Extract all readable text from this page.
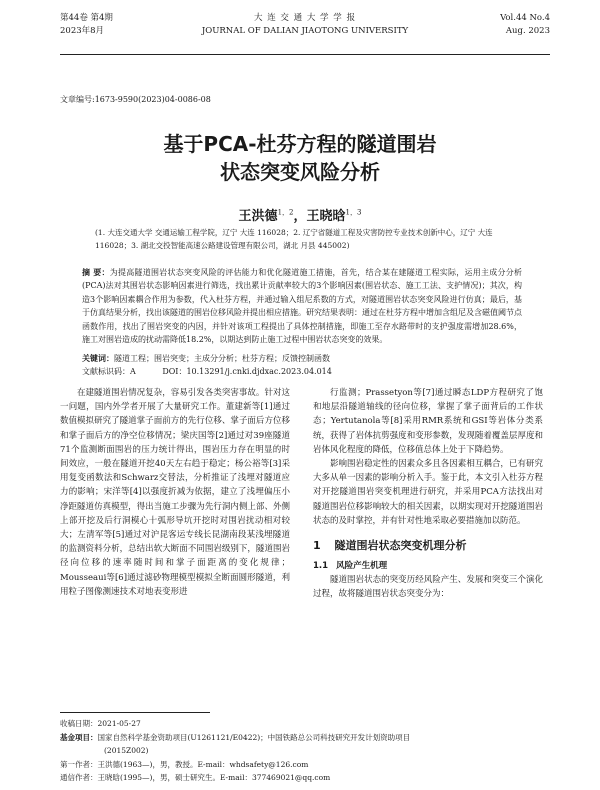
第44卷 第4期
2023年8月
大 连 交 通 大 学 学 报
JOURNAL OF DALIAN JIAOTONG UNIVERSITY
Vol.44 No.4
Aug. 2023
文章编号:1673-9590(2023)04-0086-08
基于PCA-杜芬方程的隧道围岩
状态突变风险分析
王洪德$^{1,2}$，王晓晗$^{1,3}$
(1. 大连交通大学 交通运输工程学院，辽宁 大连 116028；2. 辽宁省隧道工程及灾害防控专业技术创新中心，辽宁 大连 116028；3. 湖北交投智能高速公路建设管理有限公司，湖北 月县 445002)
摘 要：为提高隧道围岩状态突变风险的评估能力和优化隧道施工措施，首先，结合某在建隧道工程实际，运用主成分分析(PCA)法对其围岩状态影响因素进行筛选，找出累计贡献率较大的3个影响因素(围岩状态、施工工法、支护情况)；其次，构造3个影响因素耦合作用为参数，代入杜芬方程，并通过输入组尼系数的方式，对隧道围岩状态突变风险进行仿真；最后，基于仿真结果分析，找出该隧道的围岩位移风险并提出相应措施。研究结果表明：通过在杜芬方程中增加含组尼及含磁值阈节点函数作用，找出了围岩突变的内因，并针对该项工程提出了具体控制措施，即施工至存水路带时的支护强度需增加28.6%，施工对围岩造成的扰动需降低18.2%，以期达到防止施工过程中围岩状态突变的效果。
关键词：隧道工程；围岩突变；主成分分析；杜芬方程；反馈控制函数
文献标识码：A	DOI：10.13291/j.cnki.djdxac.2023.04.014

在建隧道围岩情况复杂，容易引发各类突害事故。针对这一问题，国内外学者开展了大量研究工作。董建新等[1]通过数值模拟研究了隧道掌子面前方的先行位移、掌子面后方位移和掌子面后方的净空位移情况；梁庆国等[2]通过对39座隧道71个监测断面围岩的压力统计得出，围岩压力存在明显的时间效应，一般在隧道开挖40天左右趋于稳定；杨公裕等[3]采用复变函数法和Schwarz交替法，分析推证了浅埋对隧道应力的影响；宋洋等[4]以强度折减为依据，建立了浅埋偏压小净距隧道仿真模型，得出当施工步骤为先行洞内侧上部、外侧上部开挖及后行洞模心十弧形导坑开挖时对围岩扰动相对较大；左清军等[5]通过对沪昆客运专线长昆湖南段某浅埋隧道的监测资料分析，总结出软大断面不同围岩级别下，隧道围岩径向位移的速率随时间和掌子面距离的变化规律；Mousseaui等[6]通过滤砂物理模型模拟全断面圆形隧道，利用粒子图像测速技术对地表变形进

行监测；Prassetyon等[7]通过瞬态LDP方程研究了饱和地层沿隧道轴线的径向位移，掌握了掌子面背后的工作状态；Yertutanola等[8]采用RMR系统和GSI等岩体分类系统，获得了岩体抗剪强度和变形参数，发现随着覆盖层厚度和岩体风化程度的降低，位移值总体上处于下降趋势。

影响围岩稳定性的因素众多且各因素相互耦合，已有研究大多从单一因素的影响分析入手。鉴于此，本文引入杜芬方程对开挖隧道围岩突变机理进行研究，并采用PCA方法找出对隧道围岩位移影响较大的相关因素，以期实现对开挖隧道围岩状态的及时掌控，并有针对性地采取必要措施加以防范。

1 隧道围岩状态突变机理分析
1.1 风险产生机理

隧道围岩状态的突变历经风险产生、发展和突变三个演化过程，故将隧道围岩状态突变分为：

收稿日期：2021-05-27
基金项目：国家自然科学基金资助项目(U1261121/E0422)；中国铁路总公司科技研究开发计划资助项目
(2015Z002)
第一作者：王洪德(1963—)，男，教授。E-mail：whdsafety@126.com
通信作者：王晓晗(1995—)，男，硕士研究生。E-mail：377469021@qq.com
